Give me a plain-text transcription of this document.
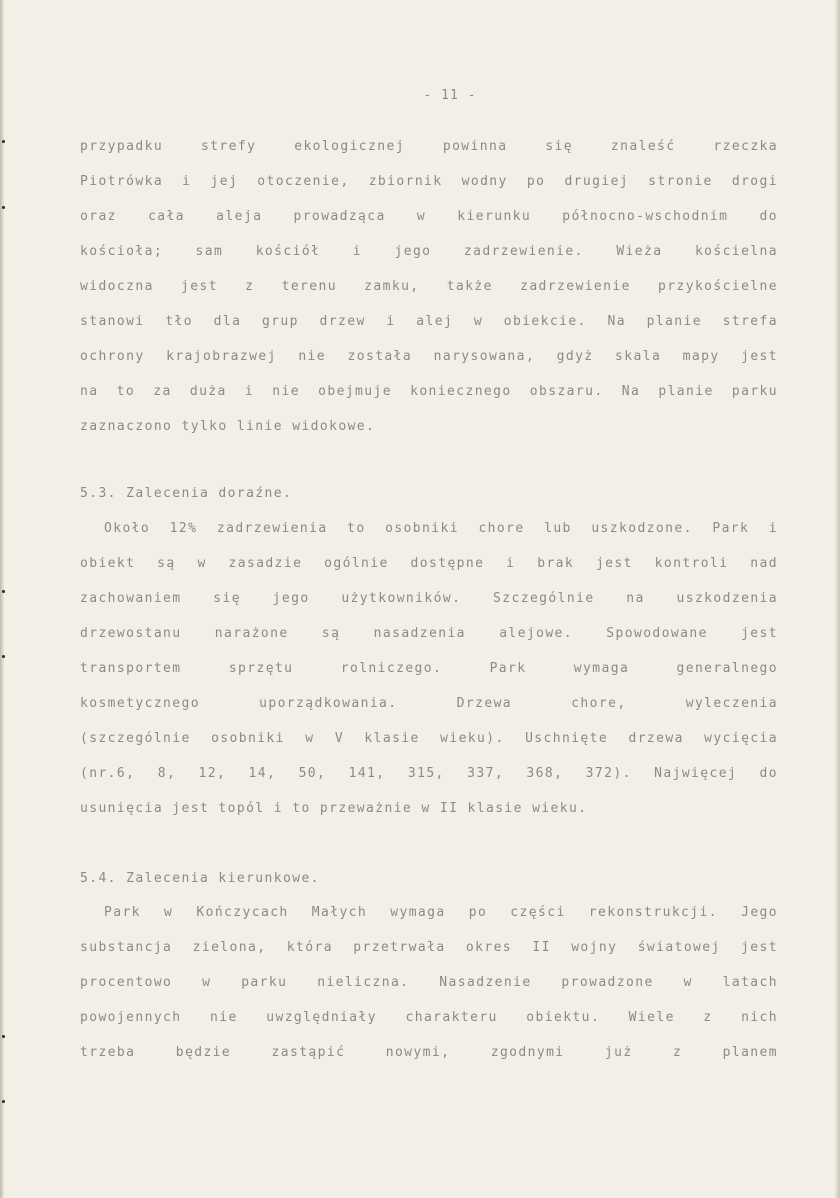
- 11 -
przypadku strefy ekologicznej powinna się znaleść rzeczka
Piotrówka i jej otoczenie, zbiornik wodny po drugiej stronie drogi
oraz cała aleja prowadząca w kierunku północno-wschodnim do
kościoła; sam kościół i jego zadrzewienie. Wieża kościelna
widoczna jest z terenu zamku, także zadrzewienie przykościelne
stanowi tło dla grup drzew i alej w obiekcie. Na planie strefa
ochrony krajobrazwej nie została narysowana, gdyż skala mapy jest
na to za duża i nie obejmuje koniecznego obszaru. Na planie parku
zaznaczono tylko linie widokowe.
5.3. Zalecenia doraźne.
Około 12% zadrzewienia to osobniki chore lub uszkodzone. Park i
obiekt są w zasadzie ogólnie dostępne i brak jest kontroli nad
zachowaniem się jego użytkowników. Szczególnie na uszkodzenia
drzewostanu narażone są nasadzenia alejowe. Spowodowane jest
transportem sprzętu rolniczego. Park wymaga generalnego
kosmetycznego uporządkowania. Drzewa chore, wyleczenia
(szczególnie osobniki w V klasie wieku). Uschnięte drzewa wycięcia
(nr.6, 8, 12, 14, 50, 141, 315, 337, 368, 372). Najwięcej do
usunięcia jest topól i to przeważnie w II klasie wieku.
5.4. Zalecenia kierunkowe.
Park w Kończycach Małych wymaga po części rekonstrukcji. Jego
substancja zielona, która przetrwała okres II wojny światowej jest
procentowo w parku nieliczna. Nasadzenie prowadzone w latach
powojennych nie uwzględniały charakteru obiektu. Wiele z nich
trzeba będzie zastąpić nowymi, zgodnymi już z planem
